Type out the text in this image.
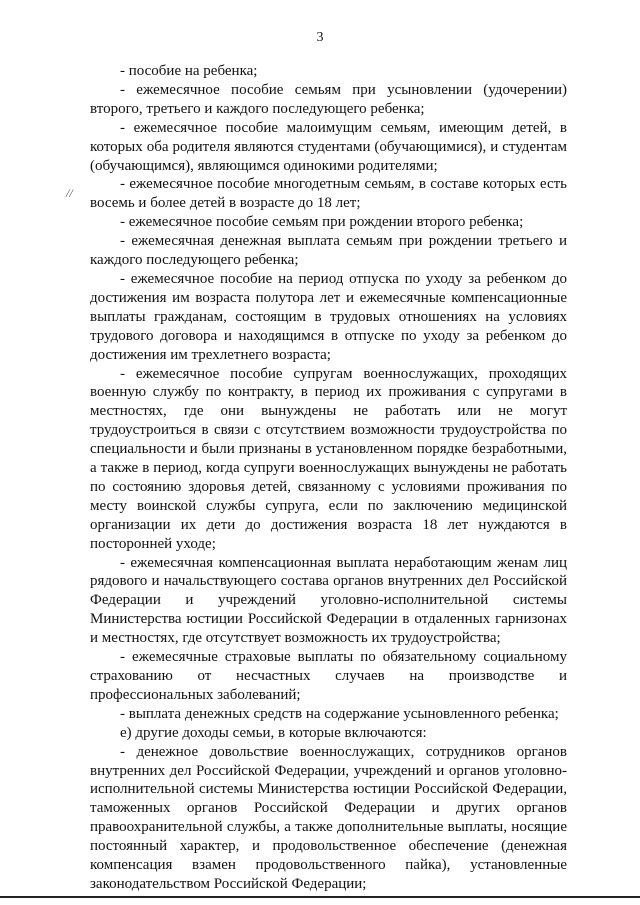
3
//

- пособие на ребенка;

- ежемесячное пособие семьям при усыновлении (удочерении) второго, третьего и каждого последующего ребенка;

- ежемесячное пособие малоимущим семьям, имеющим детей, в которых оба родителя являются студентами (обучающимися), и студентам (обучающимся), являющимся одинокими родителями;

- ежемесячное пособие многодетным семьям, в составе которых есть восемь и более детей в возрасте до 18 лет;

- ежемесячное пособие семьям при рождении второго ребенка;

- ежемесячная денежная выплата семьям при рождении третьего и каждого последующего ребенка;

- ежемесячное пособие на период отпуска по уходу за ребенком до достижения им возраста полутора лет и ежемесячные компенсационные выплаты гражданам, состоящим в трудовых отношениях на условиях трудового договора и находящимся в отпуске по уходу за ребенком до достижения им трехлетнего возраста;

- ежемесячное пособие супругам военнослужащих, проходящих военную службу по контракту, в период их проживания с супругами в местностях, где они вынуждены не работать или не могут трудоустроиться в связи с отсутствием возможности трудоустройства по специальности и были признаны в установленном порядке безработными, а также в период, когда супруги военнослужащих вынуждены не работать по состоянию здоровья детей, связанному с условиями проживания по месту воинской службы супруга, если по заключению медицинской организации их дети до достижения возраста 18 лет нуждаются в посторонней уходе;

- ежемесячная компенсационная выплата неработающим женам лиц рядового и начальствующего состава органов внутренних дел Российской Федерации и учреждений уголовно-исполнительной системы Министерства юстиции Российской Федерации в отдаленных гарнизонах и местностях, где отсутствует возможность их трудоустройства;

- ежемесячные страховые выплаты по обязательному социальному страхованию от несчастных случаев на производстве и профессиональных заболеваний;

- выплата денежных средств на содержание усыновленного ребенка;

е) другие доходы семьи, в которые включаются:

- денежное довольствие военнослужащих, сотрудников органов внутренних дел Российской Федерации, учреждений и органов уголовно-исполнительной системы Министерства юстиции Российской Федерации, таможенных органов Российской Федерации и других органов правоохранительной службы, а также дополнительные выплаты, носящие постоянный характер, и продовольственное обеспечение (денежная компенсация взамен продовольственного пайка), установленные законодательством Российской Федерации;
